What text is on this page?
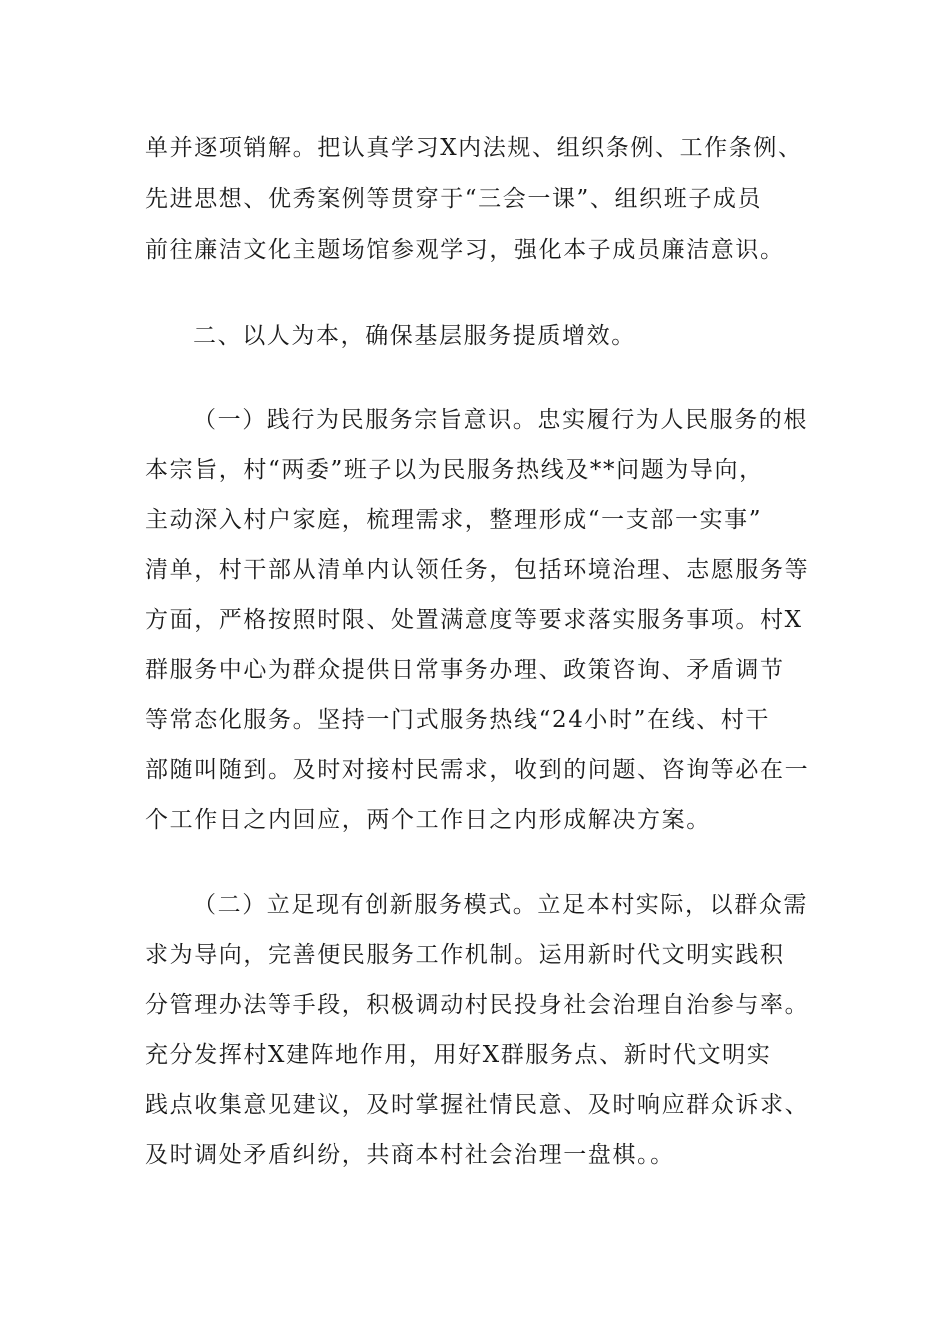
单并逐项销解。把认真学习X内法规、组织条例、工作条例、

先进思想、优秀案例等贯穿于“三会一课”、组织班子成员

前往廉洁文化主题场馆参观学习，强化本子成员廉洁意识。

二、以人为本，确保基层服务提质增效。

（一）践行为民服务宗旨意识。忠实履行为人民服务的根

本宗旨，村“两委”班子以为民服务热线及**问题为导向，

主动深入村户家庭，梳理需求，整理形成“一支部一实事”

清单，村干部从清单内认领任务，包括环境治理、志愿服务等

方面，严格按照时限、处置满意度等要求落实服务事项。村X

群服务中心为群众提供日常事务办理、政策咨询、矛盾调节

等常态化服务。坚持一门式服务热线“24小时”在线、村干

部随叫随到。及时对接村民需求，收到的问题、咨询等必在一

个工作日之内回应，两个工作日之内形成解决方案。

（二）立足现有创新服务模式。立足本村实际，以群众需

求为导向，完善便民服务工作机制。运用新时代文明实践积

分管理办法等手段，积极调动村民投身社会治理自治参与率。

充分发挥村X建阵地作用，用好X群服务点、新时代文明实

践点收集意见建议，及时掌握社情民意、及时响应群众诉求、

及时调处矛盾纠纷，共商本村社会治理一盘棋。。
